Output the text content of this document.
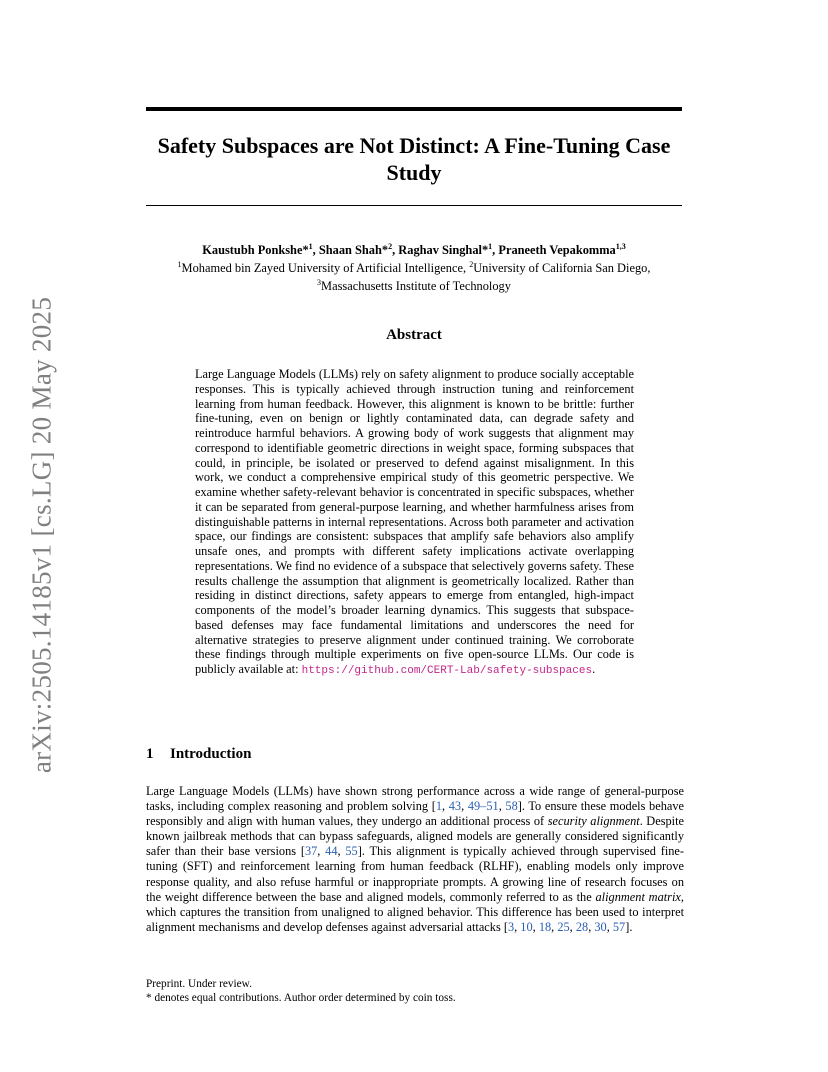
arXiv:2505.14185v1 [cs.LG] 20 May 2025
Safety Subspaces are Not Distinct: A Fine-Tuning Case Study
Kaustubh Ponkshe*$^1$, Shaan Shah*$^2$, Raghav Singhal*$^1$, Praneeth Vepakomma$^{1,3}$
$^1$Mohamed bin Zayed University of Artificial Intelligence, $^2$University of California San Diego,
$^3$Massachusetts Institute of Technology
Abstract
Large Language Models (LLMs) rely on safety alignment to produce socially acceptable responses. This is typically achieved through instruction tuning and reinforcement learning from human feedback. However, this alignment is known to be brittle: further fine-tuning, even on benign or lightly contaminated data, can degrade safety and reintroduce harmful behaviors. A growing body of work suggests that alignment may correspond to identifiable geometric directions in weight space, forming subspaces that could, in principle, be isolated or preserved to defend against misalignment. In this work, we conduct a comprehensive empirical study of this geometric perspective. We examine whether safety-relevant behavior is concentrated in specific subspaces, whether it can be separated from general-purpose learning, and whether harmfulness arises from distinguishable patterns in internal representations. Across both parameter and activation space, our findings are consistent: subspaces that amplify safe behaviors also amplify unsafe ones, and prompts with different safety implications activate overlapping representations. We find no evidence of a subspace that selectively governs safety. These results challenge the assumption that alignment is geometrically localized. Rather than residing in distinct directions, safety appears to emerge from entangled, high-impact components of the model’s broader learning dynamics. This suggests that subspace-based defenses may face fundamental limitations and underscores the need for alternative strategies to preserve alignment under continued training. We corroborate these findings through multiple experiments on five open-source LLMs. Our code is publicly available at: https://github.com/CERT-Lab/safety-subspaces.
1 Introduction
Large Language Models (LLMs) have shown strong performance across a wide range of general-purpose tasks, including complex reasoning and problem solving [1, 43, 49–51, 58]. To ensure these models behave responsibly and align with human values, they undergo an additional process of security alignment. Despite known jailbreak methods that can bypass safeguards, aligned models are generally considered significantly safer than their base versions [37, 44, 55]. This alignment is typically achieved through supervised fine-tuning (SFT) and reinforcement learning from human feedback (RLHF), enabling models only improve response quality, and also refuse harmful or inappropriate prompts. A growing line of research focuses on the weight difference between the base and aligned models, commonly referred to as the alignment matrix, which captures the transition from unaligned to aligned behavior. This difference has been used to interpret alignment mechanisms and develop defenses against adversarial attacks [3, 10, 18, 25, 28, 30, 57].
Preprint. Under review.
* denotes equal contributions. Author order determined by coin toss.
